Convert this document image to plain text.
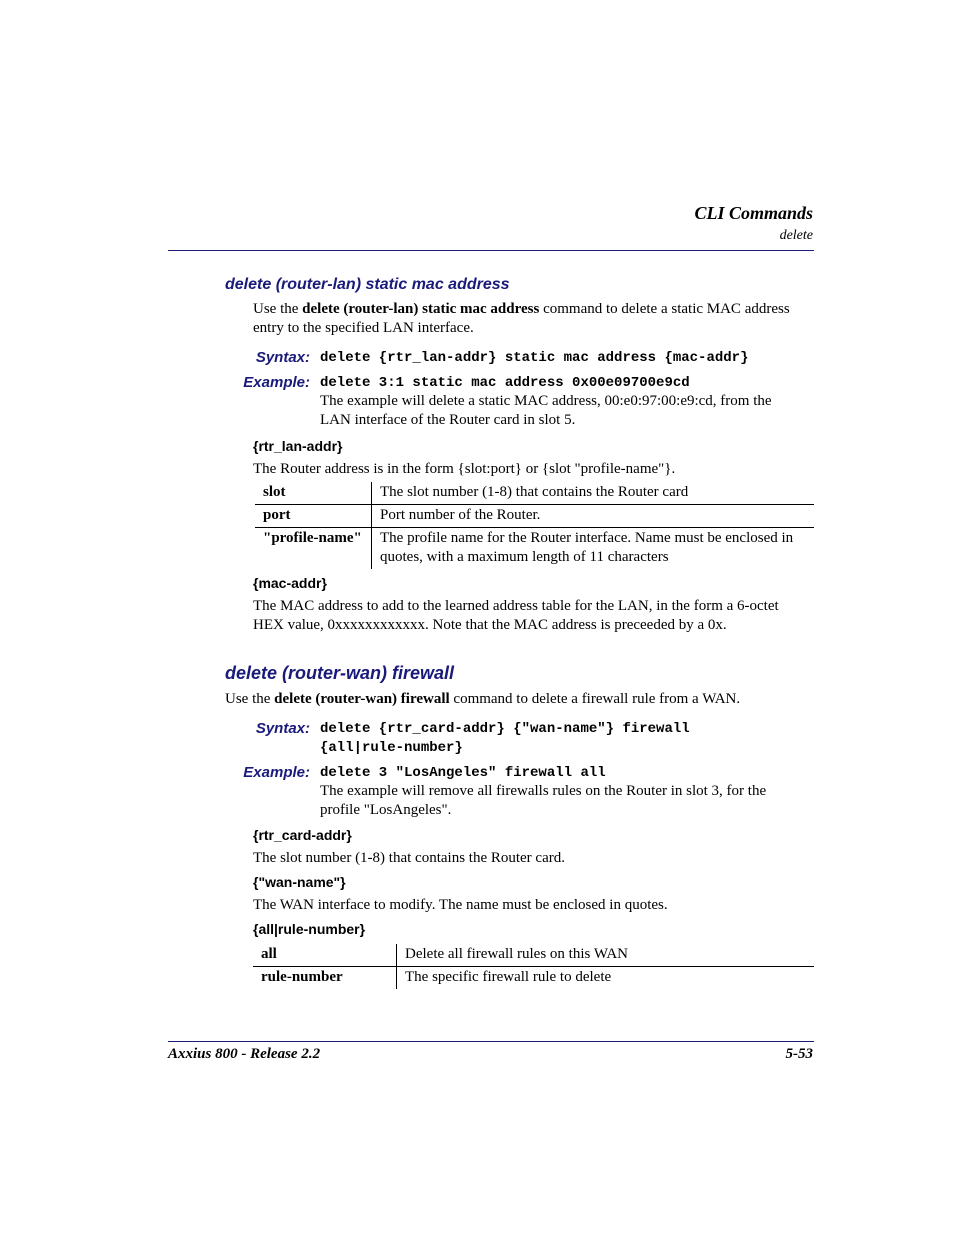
CLI Commands
delete
delete (router-lan) static mac address
Use the delete (router-lan) static mac address command to delete a static MAC address entry to the specified LAN interface.
Syntax: delete {rtr_lan-addr} static mac address {mac-addr}
Example: delete 3:1 static mac address 0x00e09700e9cd
The example will delete a static MAC address, 00:e0:97:00:e9:cd, from the LAN interface of the Router card in slot 5.
{rtr_lan-addr}
The Router address is in the form {slot:port} or {slot "profile-name"}.
slot	The slot number (1-8) that contains the Router card
port	Port number of the Router.
"profile-name"	The profile name for the Router interface. Name must be enclosed in quotes, with a maximum length of 11 characters
{mac-addr}
The MAC address to add to the learned address table for the LAN, in the form a 6-octet HEX value, 0xxxxxxxxxxxx. Note that the MAC address is preceeded by a 0x.
delete (router-wan) firewall
Use the delete (router-wan) firewall command to delete a firewall rule from a WAN.
Syntax: delete {rtr_card-addr} {"wan-name"} firewall
{all|rule-number}
Example: delete 3 "LosAngeles" firewall all
The example will remove all firewalls rules on the Router in slot 3, for the profile "LosAngeles".
{rtr_card-addr}
The slot number (1-8) that contains the Router card.
{"wan-name"}
The WAN interface to modify. The name must be enclosed in quotes.
{all|rule-number}
all	Delete all firewall rules on this WAN
rule-number	The specific firewall rule to delete
Axxius 800 - Release 2.2	5-53
